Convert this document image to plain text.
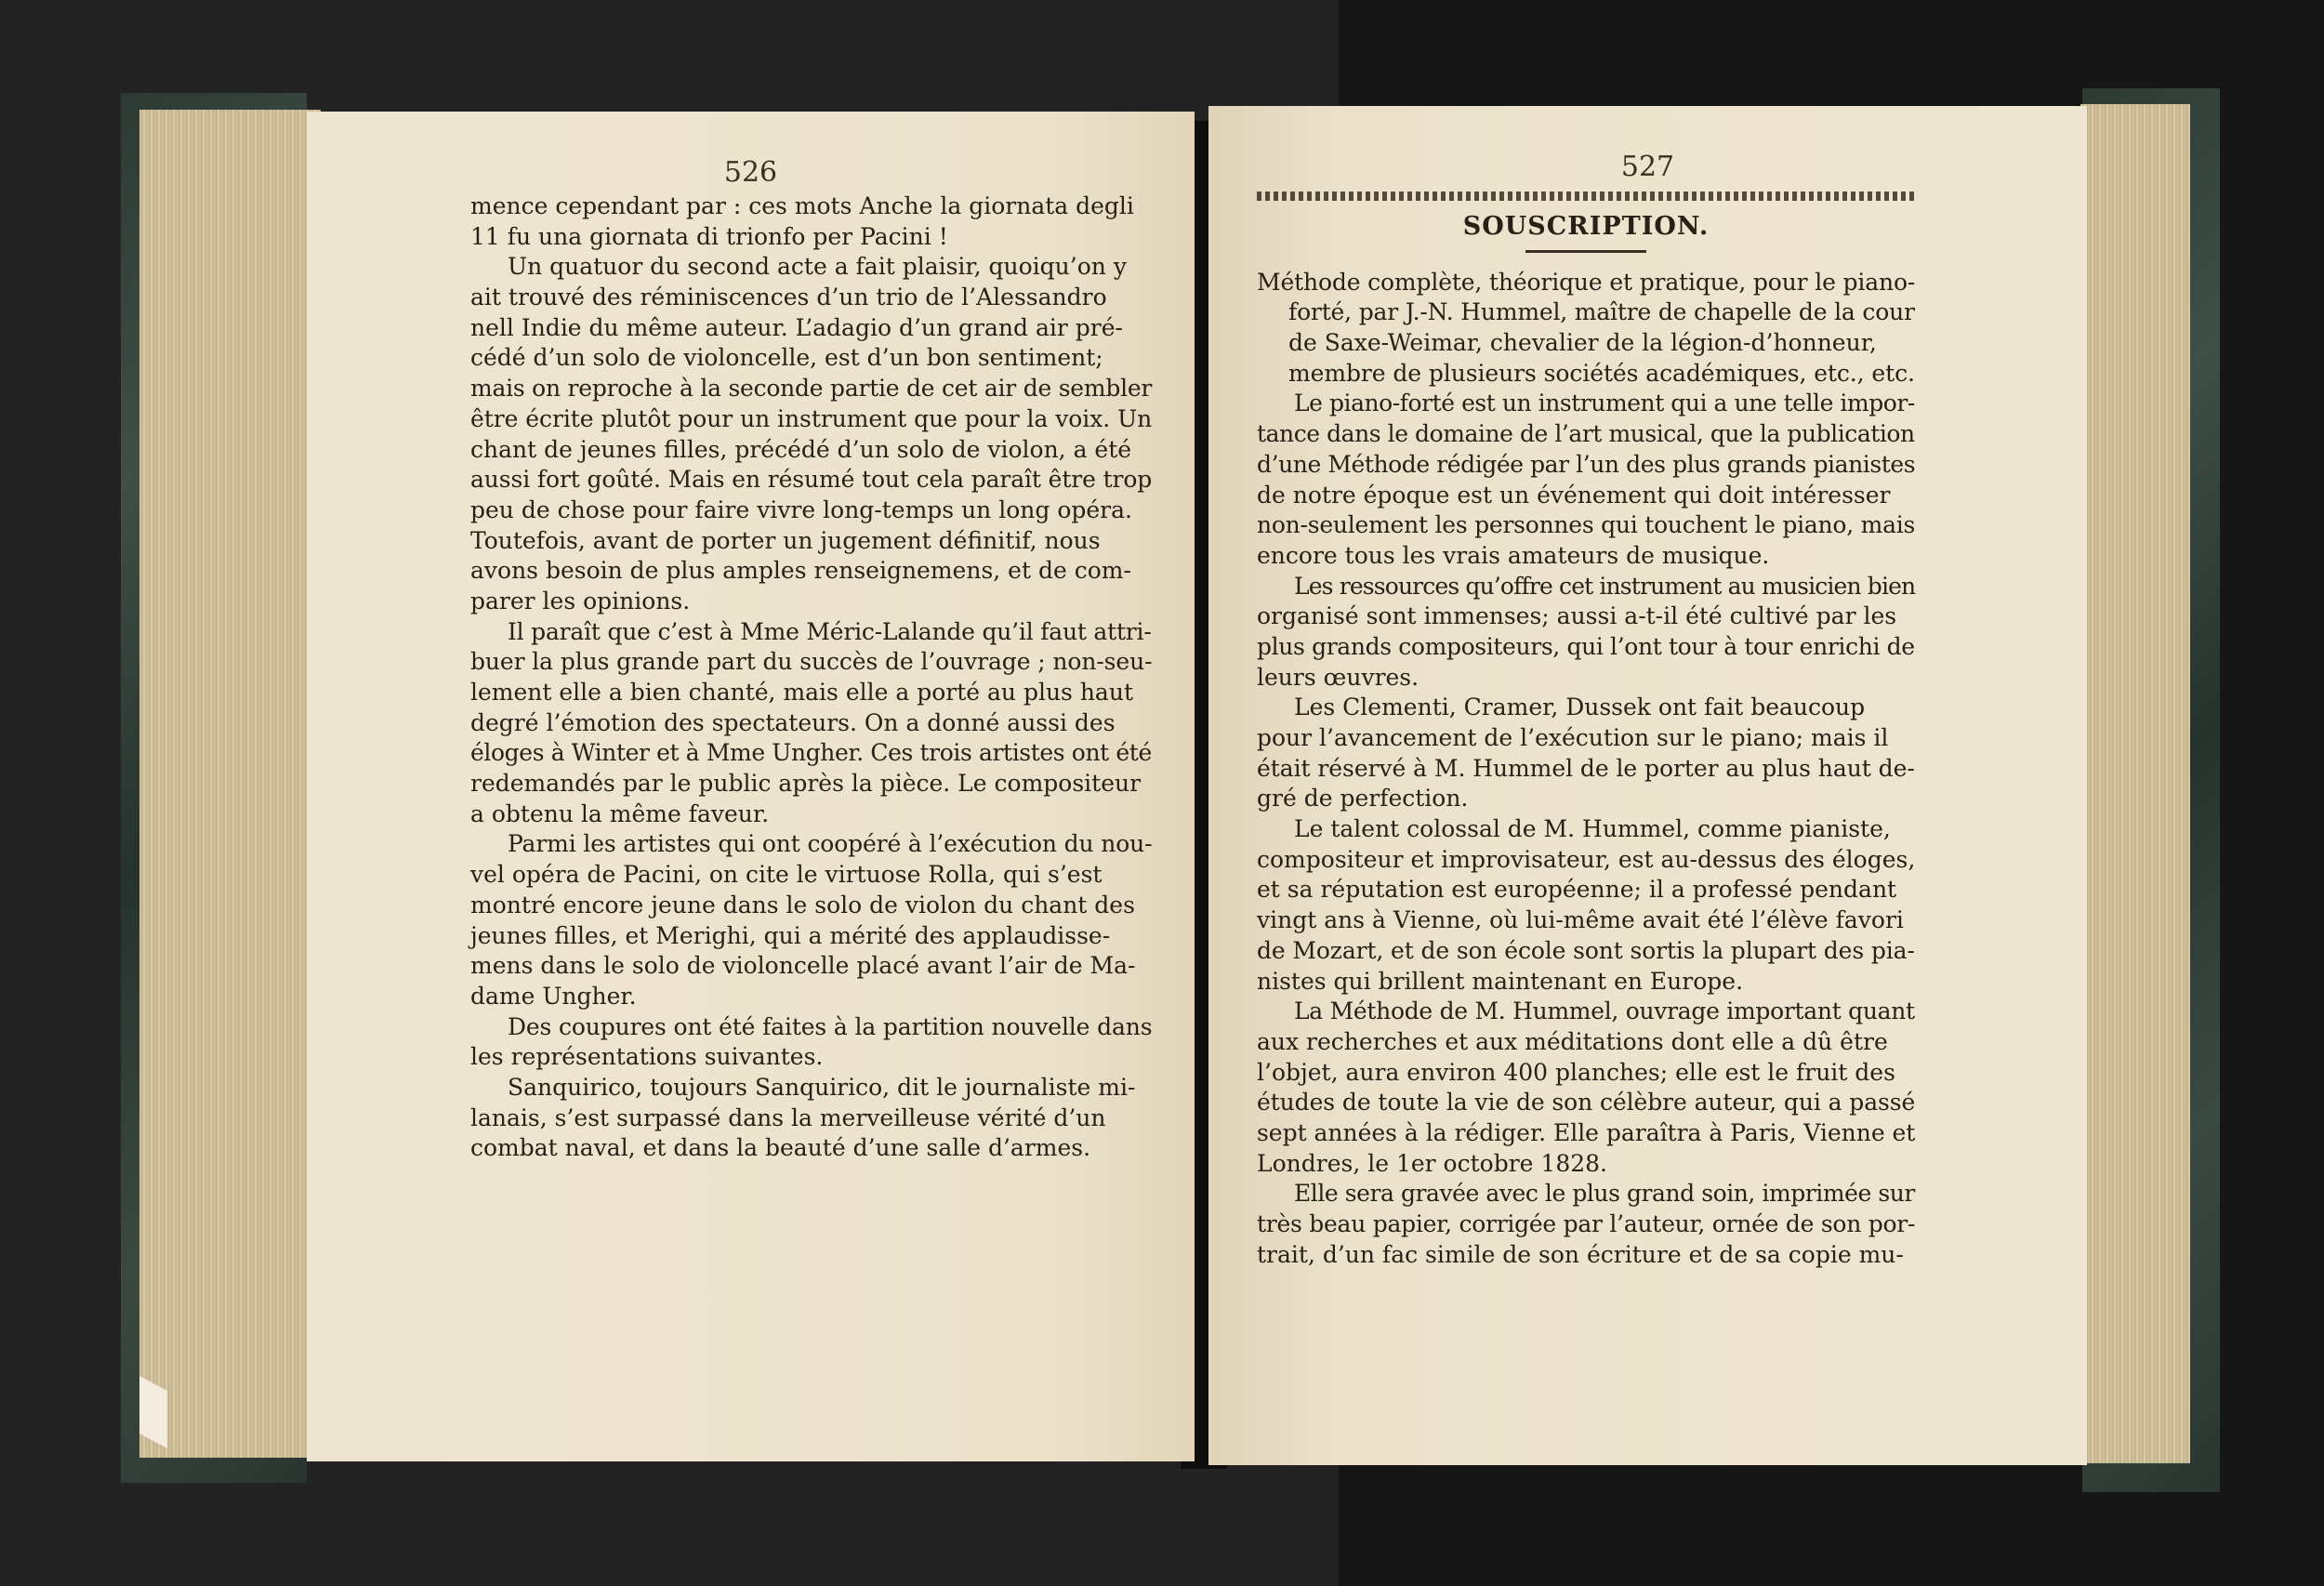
526
mence cependant par : ces mots Anche la giornata degli
11 fu una giornata di trionfo per Pacini !
Un quatuor du second acte a fait plaisir, quoiqu’on y
ait trouvé des réminiscences d’un trio de l’Alessandro
nell Indie du même auteur. L’adagio d’un grand air pré-
cédé d’un solo de violoncelle, est d’un bon sentiment;
mais on reproche à la seconde partie de cet air de sembler
être écrite plutôt pour un instrument que pour la voix. Un
chant de jeunes filles, précédé d’un solo de violon, a été
aussi fort goûté. Mais en résumé tout cela paraît être trop
peu de chose pour faire vivre long-temps un long opéra.
Toutefois, avant de porter un jugement définitif, nous
avons besoin de plus amples renseignemens, et de com-
parer les opinions.
Il paraît que c’est à Mme Méric-Lalande qu’il faut attri-
buer la plus grande part du succès de l’ouvrage ; non-seu-
lement elle a bien chanté, mais elle a porté au plus haut
degré l’émotion des spectateurs. On a donné aussi des
éloges à Winter et à Mme Ungher. Ces trois artistes ont été
redemandés par le public après la pièce. Le compositeur
a obtenu la même faveur.
Parmi les artistes qui ont coopéré à l’exécution du nou-
vel opéra de Pacini, on cite le virtuose Rolla, qui s’est
montré encore jeune dans le solo de violon du chant des
jeunes filles, et Merighi, qui a mérité des applaudisse-
mens dans le solo de violoncelle placé avant l’air de Ma-
dame Ungher.
Des coupures ont été faites à la partition nouvelle dans
les représentations suivantes.
Sanquirico, toujours Sanquirico, dit le journaliste mi-
lanais, s’est surpassé dans la merveilleuse vérité d’un
combat naval, et dans la beauté d’une salle d’armes.
527
SOUSCRIPTION.
Méthode complète, théorique et pratique, pour le piano-
forté, par J.-N. Hummel, maître de chapelle de la cour
de Saxe-Weimar, chevalier de la légion-d’honneur,
membre de plusieurs sociétés académiques, etc., etc.
Le piano-forté est un instrument qui a une telle impor-
tance dans le domaine de l’art musical, que la publication
d’une Méthode rédigée par l’un des plus grands pianistes
de notre époque est un événement qui doit intéresser
non-seulement les personnes qui touchent le piano, mais
encore tous les vrais amateurs de musique.
Les ressources qu’offre cet instrument au musicien bien
organisé sont immenses; aussi a-t-il été cultivé par les
plus grands compositeurs, qui l’ont tour à tour enrichi de
leurs œuvres.
Les Clementi, Cramer, Dussek ont fait beaucoup
pour l’avancement de l’exécution sur le piano; mais il
était réservé à M. Hummel de le porter au plus haut de-
gré de perfection.
Le talent colossal de M. Hummel, comme pianiste,
compositeur et improvisateur, est au-dessus des éloges,
et sa réputation est européenne; il a professé pendant
vingt ans à Vienne, où lui-même avait été l’élève favori
de Mozart, et de son école sont sortis la plupart des pia-
nistes qui brillent maintenant en Europe.
La Méthode de M. Hummel, ouvrage important quant
aux recherches et aux méditations dont elle a dû être
l’objet, aura environ 400 planches; elle est le fruit des
études de toute la vie de son célèbre auteur, qui a passé
sept années à la rédiger. Elle paraîtra à Paris, Vienne et
Londres, le 1er octobre 1828.
Elle sera gravée avec le plus grand soin, imprimée sur
très beau papier, corrigée par l’auteur, ornée de son por-
trait, d’un fac simile de son écriture et de sa copie mu-
